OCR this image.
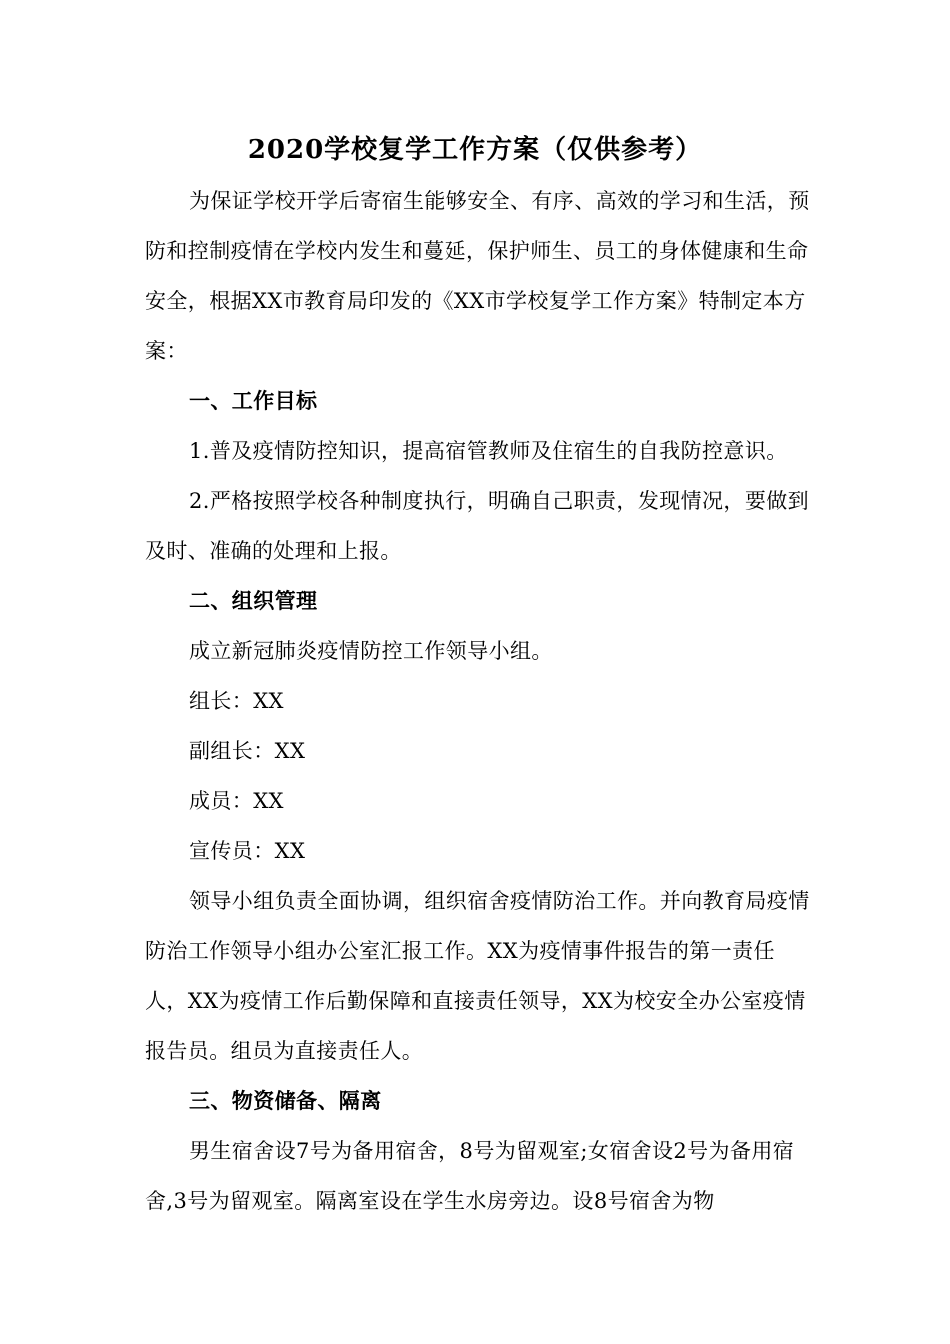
2020学校复学工作方案（仅供参考）

为保证学校开学后寄宿生能够安全、有序、高效的学习和生活，预防和控制疫情在学校内发生和蔓延，保护师生、员工的身体健康和生命安全，根据XX市教育局印发的《XX市学校复学工作方案》特制定本方案：

一、工作目标

1.普及疫情防控知识，提高宿管教师及住宿生的自我防控意识。

2.严格按照学校各种制度执行，明确自己职责，发现情况，要做到及时、准确的处理和上报。

二、组织管理

成立新冠肺炎疫情防控工作领导小组。

组长：XX

副组长：XX

成员：XX

宣传员：XX

领导小组负责全面协调，组织宿舍疫情防治工作。并向教育局疫情防治工作领导小组办公室汇报工作。XX为疫情事件报告的第一责任人，XX为疫情工作后勤保障和直接责任领导，XX为校安全办公室疫情报告员。组员为直接责任人。

三、物资储备、隔离

男生宿舍设7号为备用宿舍，8号为留观室;女宿舍设2号为备用宿舍,3号为留观室。隔离室设在学生水房旁边。设8号宿舍为物
